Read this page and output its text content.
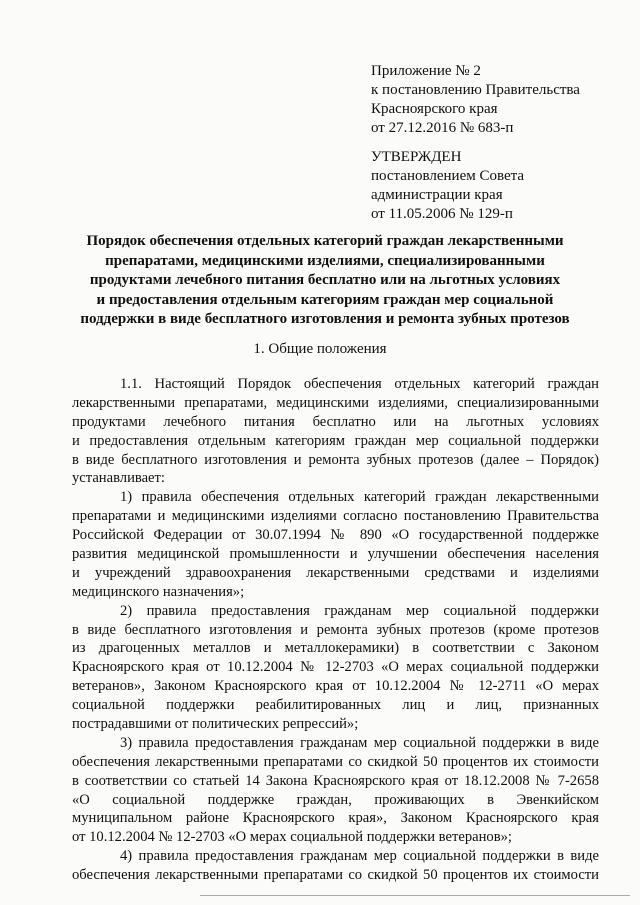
Приложение № 2
к постановлению Правительства
Красноярского края
от 27.12.2016 № 683-п
УТВЕРЖДЕН
постановлением Совета
администрации края
от 11.05.2006 № 129-п
Порядок обеспечения отдельных категорий граждан лекарственными
препаратами, медицинскими изделиями, специализированными
продуктами лечебного питания бесплатно или на льготных условиях
и предоставления отдельным категориям граждан мер социальной
поддержки в виде бесплатного изготовления и ремонта зубных протезов
1. Общие положения
1.1. Настоящий Порядок обеспечения отдельных категорий граждан
лекарственными препаратами, медицинскими изделиями, специализированными
продуктами лечебного питания бесплатно или на льготных условиях
и предоставления отдельным категориям граждан мер социальной поддержки
в виде бесплатного изготовления и ремонта зубных протезов (далее – Порядок)
устанавливает:
1) правила обеспечения отдельных категорий граждан лекарственными
препаратами и медицинскими изделиями согласно постановлению Правительства
Российской Федерации от 30.07.1994 № 890 «О государственной поддержке
развития медицинской промышленности и улучшении обеспечения населения
и учреждений здравоохранения лекарственными средствами и изделиями
медицинского назначения»;
2) правила предоставления гражданам мер социальной поддержки
в виде бесплатного изготовления и ремонта зубных протезов (кроме протезов
из драгоценных металлов и металлокерамики) в соответствии с Законом
Красноярского края от 10.12.2004 № 12-2703 «О мерах социальной поддержки
ветеранов», Законом Красноярского края от 10.12.2004 № 12-2711 «О мерах
социальной поддержки реабилитированных лиц и лиц, признанных
пострадавшими от политических репрессий»;
3) правила предоставления гражданам мер социальной поддержки в виде
обеспечения лекарственными препаратами со скидкой 50 процентов их стоимости
в соответствии со статьей 14 Закона Красноярского края от 18.12.2008 № 7-2658
«О социальной поддержке граждан, проживающих в Эвенкийском
муниципальном районе Красноярского края», Законом Красноярского края
от 10.12.2004 № 12-2703 «О мерах социальной поддержки ветеранов»;
4) правила предоставления гражданам мер социальной поддержки в виде
обеспечения лекарственными препаратами со скидкой 50 процентов их стоимости
